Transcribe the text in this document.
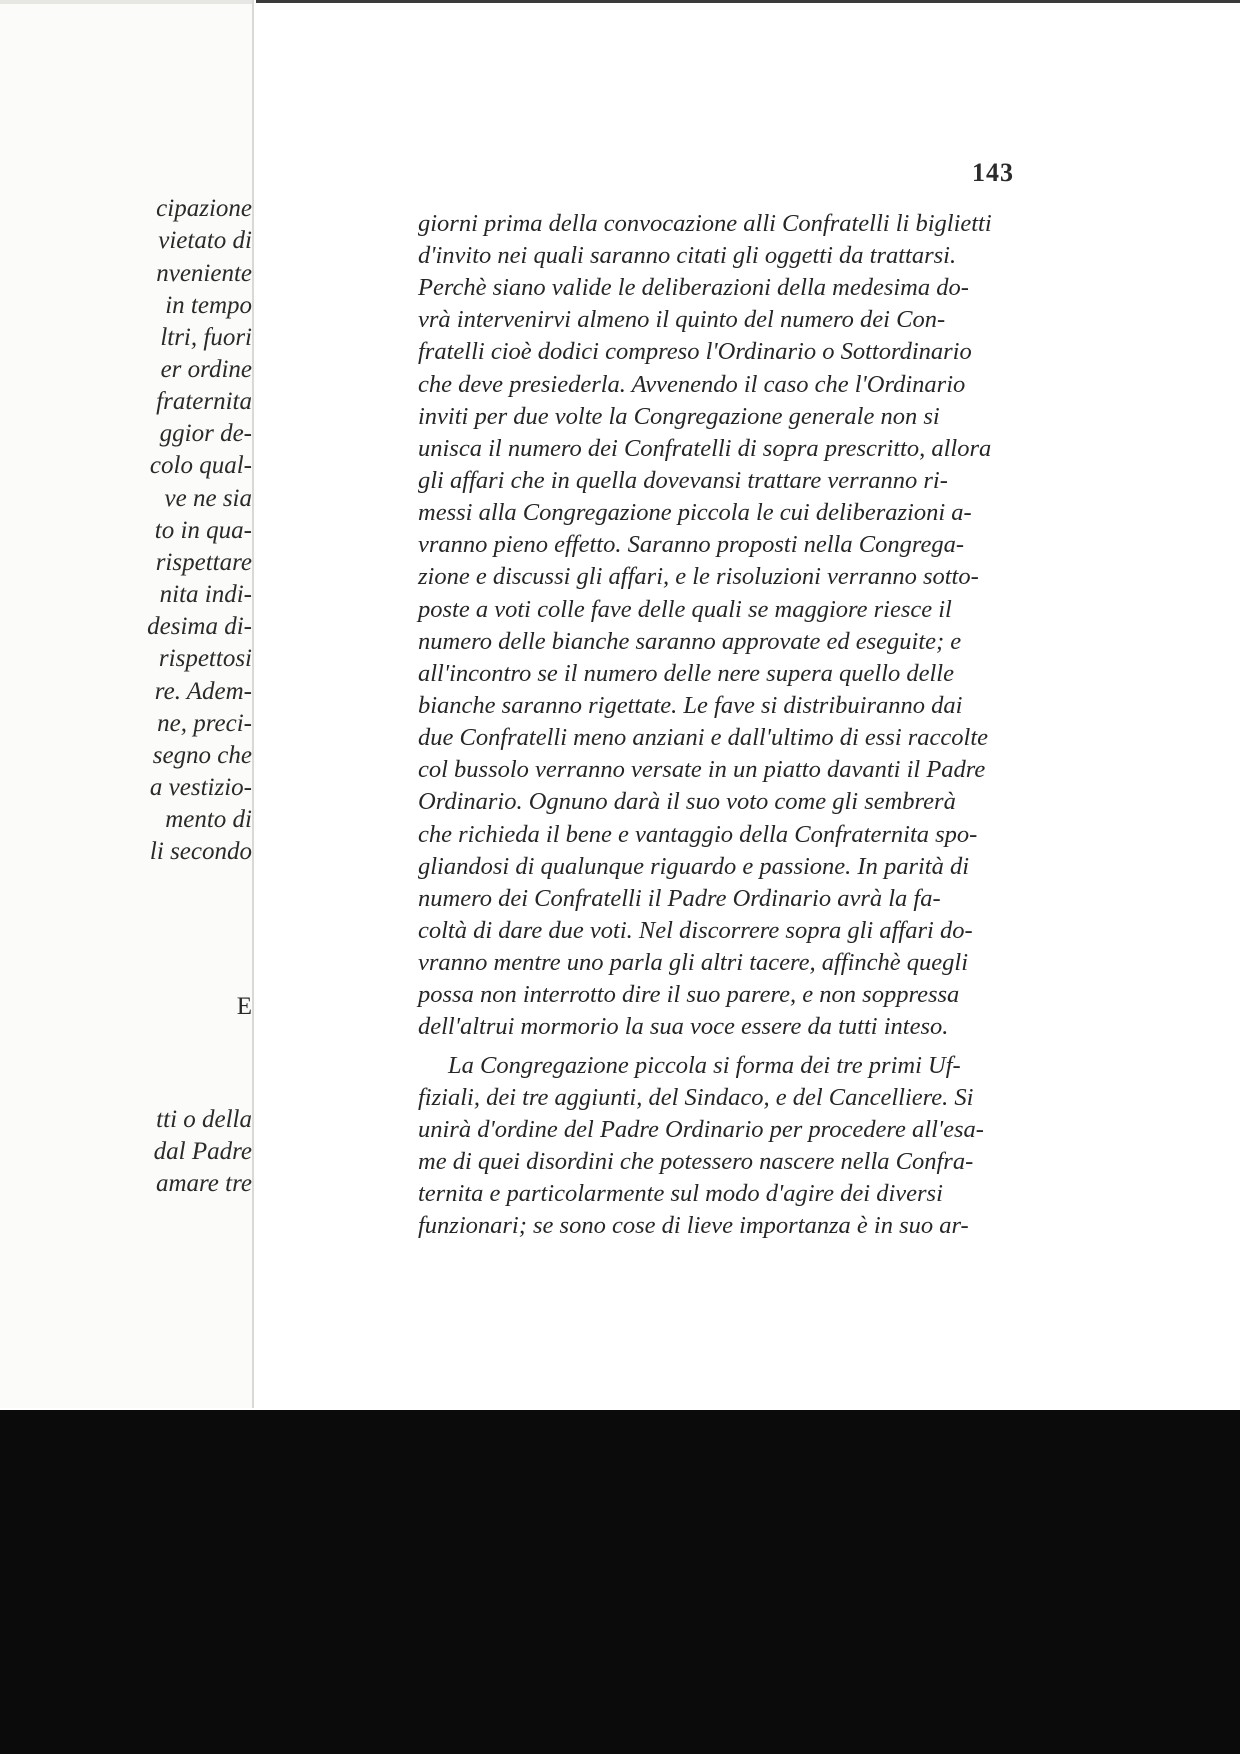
cipazione
vietato di
nveniente
in tempo
ltri, fuori
er ordine
fraternita
ggior de-
colo qual-
ve ne sia
to in qua-
rispettare
nita indi-
desima di-
rispettosi
re. Adem-
ne, preci-
segno che
a vestizio-
mento di
li secondo
E
tti o della
dal Padre
amare tre
143
giorni prima della convocazione alli Confratelli li biglietti
d'invito nei quali saranno citati gli oggetti da trattarsi.
Perchè siano valide le deliberazioni della medesima do-
vrà intervenirvi almeno il quinto del numero dei Con-
fratelli cioè dodici compreso l'Ordinario o Sottordinario
che deve presiederla. Avvenendo il caso che l'Ordinario
inviti per due volte la Congregazione generale non si
unisca il numero dei Confratelli di sopra prescritto, allora
gli affari che in quella dovevansi trattare verranno ri-
messi alla Congregazione piccola le cui deliberazioni a-
vranno pieno effetto. Saranno proposti nella Congrega-
zione e discussi gli affari, e le risoluzioni verranno sotto-
poste a voti colle fave delle quali se maggiore riesce il
numero delle bianche saranno approvate ed eseguite; e
all'incontro se il numero delle nere supera quello delle
bianche saranno rigettate. Le fave si distribuiranno dai
due Confratelli meno anziani e dall'ultimo di essi raccolte
col bussolo verranno versate in un piatto davanti il Padre
Ordinario. Ognuno darà il suo voto come gli sembrerà
che richieda il bene e vantaggio della Confraternita spo-
gliandosi di qualunque riguardo e passione. In parità di
numero dei Confratelli il Padre Ordinario avrà la fa-
coltà di dare due voti. Nel discorrere sopra gli affari do-
vranno mentre uno parla gli altri tacere, affinchè quegli
possa non interrotto dire il suo parere, e non soppressa
dell'altrui mormorio la sua voce essere da tutti inteso.
La Congregazione piccola si forma dei tre primi Uf-
fiziali, dei tre aggiunti, del Sindaco, e del Cancelliere. Si
unirà d'ordine del Padre Ordinario per procedere all'esa-
me di quei disordini che potessero nascere nella Confra-
ternita e particolarmente sul modo d'agire dei diversi
funzionari; se sono cose di lieve importanza è in suo ar-
